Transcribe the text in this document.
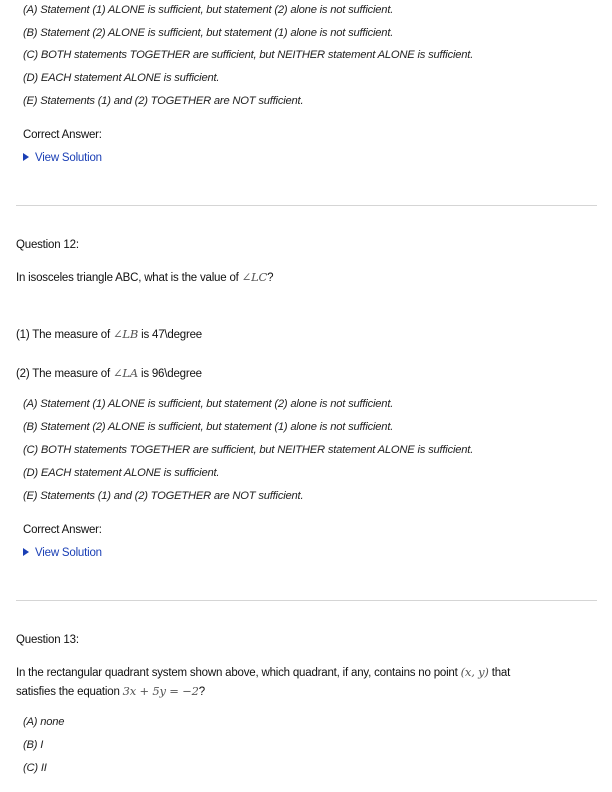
(A) Statement (1) ALONE is sufficient, but statement (2) alone is not sufficient.
(B) Statement (2) ALONE is sufficient, but statement (1) alone is not sufficient.
(C) BOTH statements TOGETHER are sufficient, but NEITHER statement ALONE is sufficient.
(D) EACH statement ALONE is sufficient.
(E) Statements (1) and (2) TOGETHER are NOT sufficient.
Correct Answer:
View Solution
Question 12:
In isosceles triangle ABC, what is the value of ∠LC?
(1) The measure of ∠LB is 47\degree
(2) The measure of ∠LA is 96\degree
(A) Statement (1) ALONE is sufficient, but statement (2) alone is not sufficient.
(B) Statement (2) ALONE is sufficient, but statement (1) alone is not sufficient.
(C) BOTH statements TOGETHER are sufficient, but NEITHER statement ALONE is sufficient.
(D) EACH statement ALONE is sufficient.
(E) Statements (1) and (2) TOGETHER are NOT sufficient.
Correct Answer:
View Solution
Question 13:
In the rectangular quadrant system shown above, which quadrant, if any, contains no point (x, y) that
satisfies the equation 3x + 5y = −2?
(A) none
(B) I
(C) II
